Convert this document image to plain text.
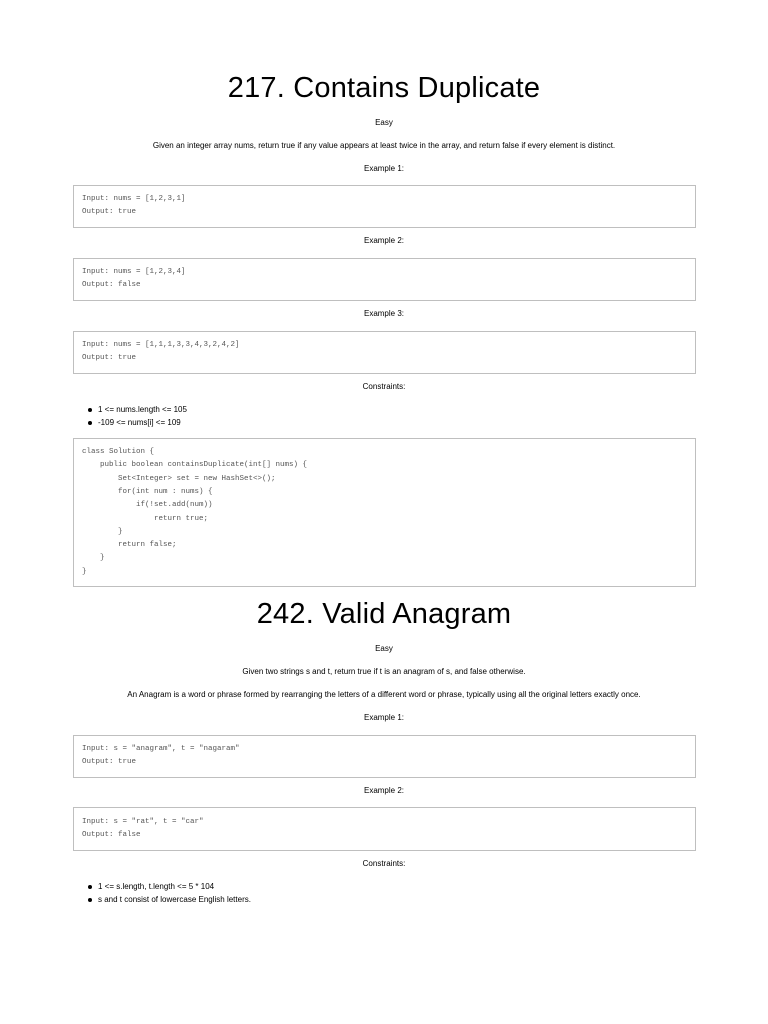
217. Contains Duplicate
Easy
Given an integer array nums, return true if any value appears at least twice in the array, and return false if every element is distinct.
Example 1:
Input: nums = [1,2,3,1]
Output: true
Example 2:
Input: nums = [1,2,3,4]
Output: false
Example 3:
Input: nums = [1,1,1,3,3,4,3,2,4,2]
Output: true
Constraints:
1 <= nums.length <= 105
-109 <= nums[i] <= 109
class Solution {
public boolean containsDuplicate(int[] nums) {
Set<Integer> set = new HashSet<>();
for(int num : nums) {
if(!set.add(num))
return true;
}
return false;
}
}
242. Valid Anagram
Easy
Given two strings s and t, return true if t is an anagram of s, and false otherwise.
An Anagram is a word or phrase formed by rearranging the letters of a different word or phrase, typically using all the original letters exactly once.
Example 1:
Input: s = "anagram", t = "nagaram"
Output: true
Example 2:
Input: s = "rat", t = "car"
Output: false
Constraints:
1 <= s.length, t.length <= 5 * 104
s and t consist of lowercase English letters.
